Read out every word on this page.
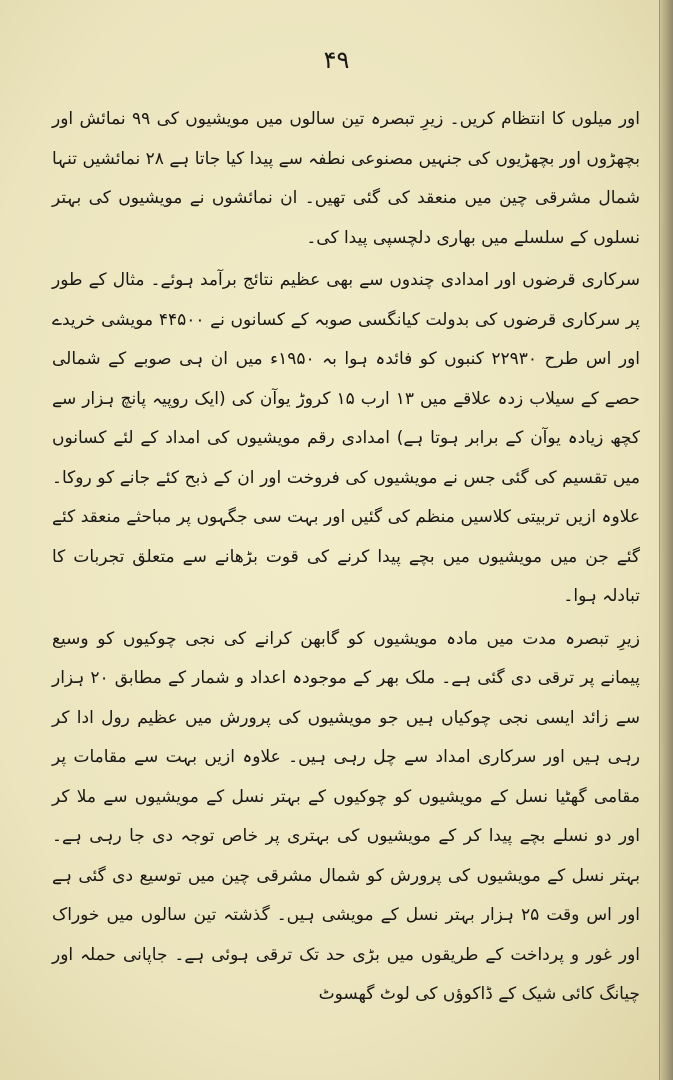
۴۹

اور میلوں کا انتظام کریں۔ زیرِ تبصرہ تین سالوں میں مویشیوں کی ۹۹ نمائش اور بچھڑوں اور بچھڑیوں کی جنہیں مصنوعی نطفہ سے پیدا کیا جاتا ہے ۲۸ نمائشیں تنہا شمال مشرقی چین میں منعقد کی گئی تھیں۔ ان نمائشوں نے مویشیوں کی بہتر نسلوں کے سلسلے میں بھاری دلچسپی پیدا کی۔

سرکاری قرضوں اور امدادی چندوں سے بھی عظیم نتائج برآمد ہوئے۔ مثال کے طور پر سرکاری قرضوں کی بدولت کیانگسی صوبہ کے کسانوں نے ۴۴۵۰۰ مویشی خریدے اور اس طرح ۲۲۹۳۰ کنبوں کو فائدہ ہوا بہ ۱۹۵۰ء میں ان ہی صوبے کے شمالی حصے کے سیلاب زدہ علاقے میں ۱۳ ارب ۱۵ کروڑ یوآن کی (ایک روپیہ پانچ ہزار سے کچھ زیادہ یوآن کے برابر ہوتا ہے) امدادی رقم مویشیوں کی امداد کے لئے کسانوں میں تقسیم کی گئی جس نے مویشیوں کی فروخت اور ان کے ذبح کئے جانے کو روکا۔ علاوہ ازیں تربیتی کلاسیں منظم کی گئیں اور بہت سی جگہوں پر مباحثے منعقد کئے گئے جن میں مویشیوں میں بچے پیدا کرنے کی قوت بڑھانے سے متعلق تجربات کا تبادلہ ہوا۔

زیرِ تبصرہ مدت میں مادہ مویشیوں کو گابھن کرانے کی نجی چوکیوں کو وسیع پیمانے پر ترقی دی گئی ہے۔ ملک بھر کے موجودہ اعداد و شمار کے مطابق ۲۰ ہزار سے زائد ایسی نجی چوکیاں ہیں جو مویشیوں کی پرورش میں عظیم رول ادا کر رہی ہیں اور سرکاری امداد سے چل رہی ہیں۔ علاوہ ازیں بہت سے مقامات پر مقامی گھٹیا نسل کے مویشیوں کو چوکیوں کے بہتر نسل کے مویشیوں سے ملا کر اور دو نسلے بچے پیدا کر کے مویشیوں کی بہتری پر خاص توجہ دی جا رہی ہے۔ بہتر نسل کے مویشیوں کی پرورش کو شمال مشرقی چین میں توسیع دی گئی ہے اور اس وقت ۲۵ ہزار بہتر نسل کے مویشی ہیں۔ گذشتہ تین سالوں میں خوراک اور غور و پرداخت کے طریقوں میں بڑی حد تک ترقی ہوئی ہے۔ جاپانی حملہ اور چیانگ کائی شیک کے ڈاکوؤں کی لوٹ گھسوٹ
